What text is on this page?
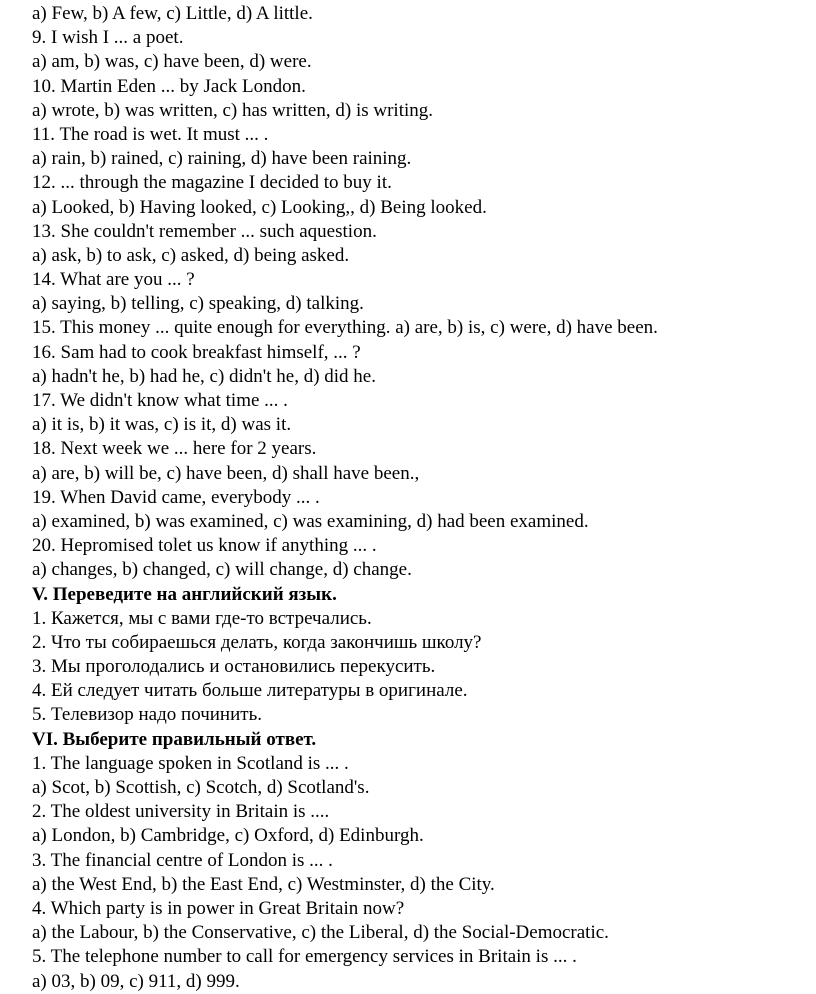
a) Few, b) A few, c) Little, d) A little.
9. I wish I ... a poet.
a) am, b) was, c) have been, d) were.
10. Martin Eden ... by Jack London.
a) wrote, b) was written, c) has written, d) is writing.
11. The road is wet. It must ... .
a) rain, b) rained, c) raining, d) have been raining.
12. ... through the magazine I decided to buy it.
a) Looked, b) Having looked, c) Looking,, d) Being looked.
13. She couldn't remember ... such aquestion.
a) ask, b) to ask, c) asked, d) being asked.
14. What are you ... ?
a) saying, b) telling, c) speaking, d) talking.
15. This money ... quite enough for everything. a) are, b) is, c) were, d) have been.
16. Sam had to cook breakfast himself, ... ?
a) hadn't he, b) had he, c) didn't he, d) did he.
17. We didn't know what time ... .
a) it is, b) it was, c) is it, d) was it.
18. Next week we ... here for 2 years.
a) are, b) will be, c) have been, d) shall have been.,
19. When David came, everybody ... .
a) examined, b) was examined, c) was examining, d) had been examined.
20. Hepromised tolet us know if anything ... .
a) changes, b) changed, c) will change, d) change.
V. Переведите на английский язык.
1. Кажется, мы с вами где-то встречались.
2. Что ты собираешься делать, когда закончишь школу?
3. Мы проголодались и остановились перекусить.
4. Ей следует читать больше литературы в оригинале.
5. Телевизор надо починить.
VI. Выберите правильный ответ.
1. The language spoken in Scotland is ... .
a) Scot, b) Scottish, c) Scotch, d) Scotland's.
2. The oldest university in Britain is ....
a) London, b) Cambridge, c) Oxford, d) Edinburgh.
3. The financial centre of London is ... .
a) the West End, b) the East End, c) Westminster, d) the City.
4. Which party is in power in Great Britain now?
a) the Labour, b) the Conservative, c) the Liberal, d) the Social-Democratic.
5. The telephone number to call for emergency services in Britain is ... .
a) 03, b) 09, c) 911, d) 999.
